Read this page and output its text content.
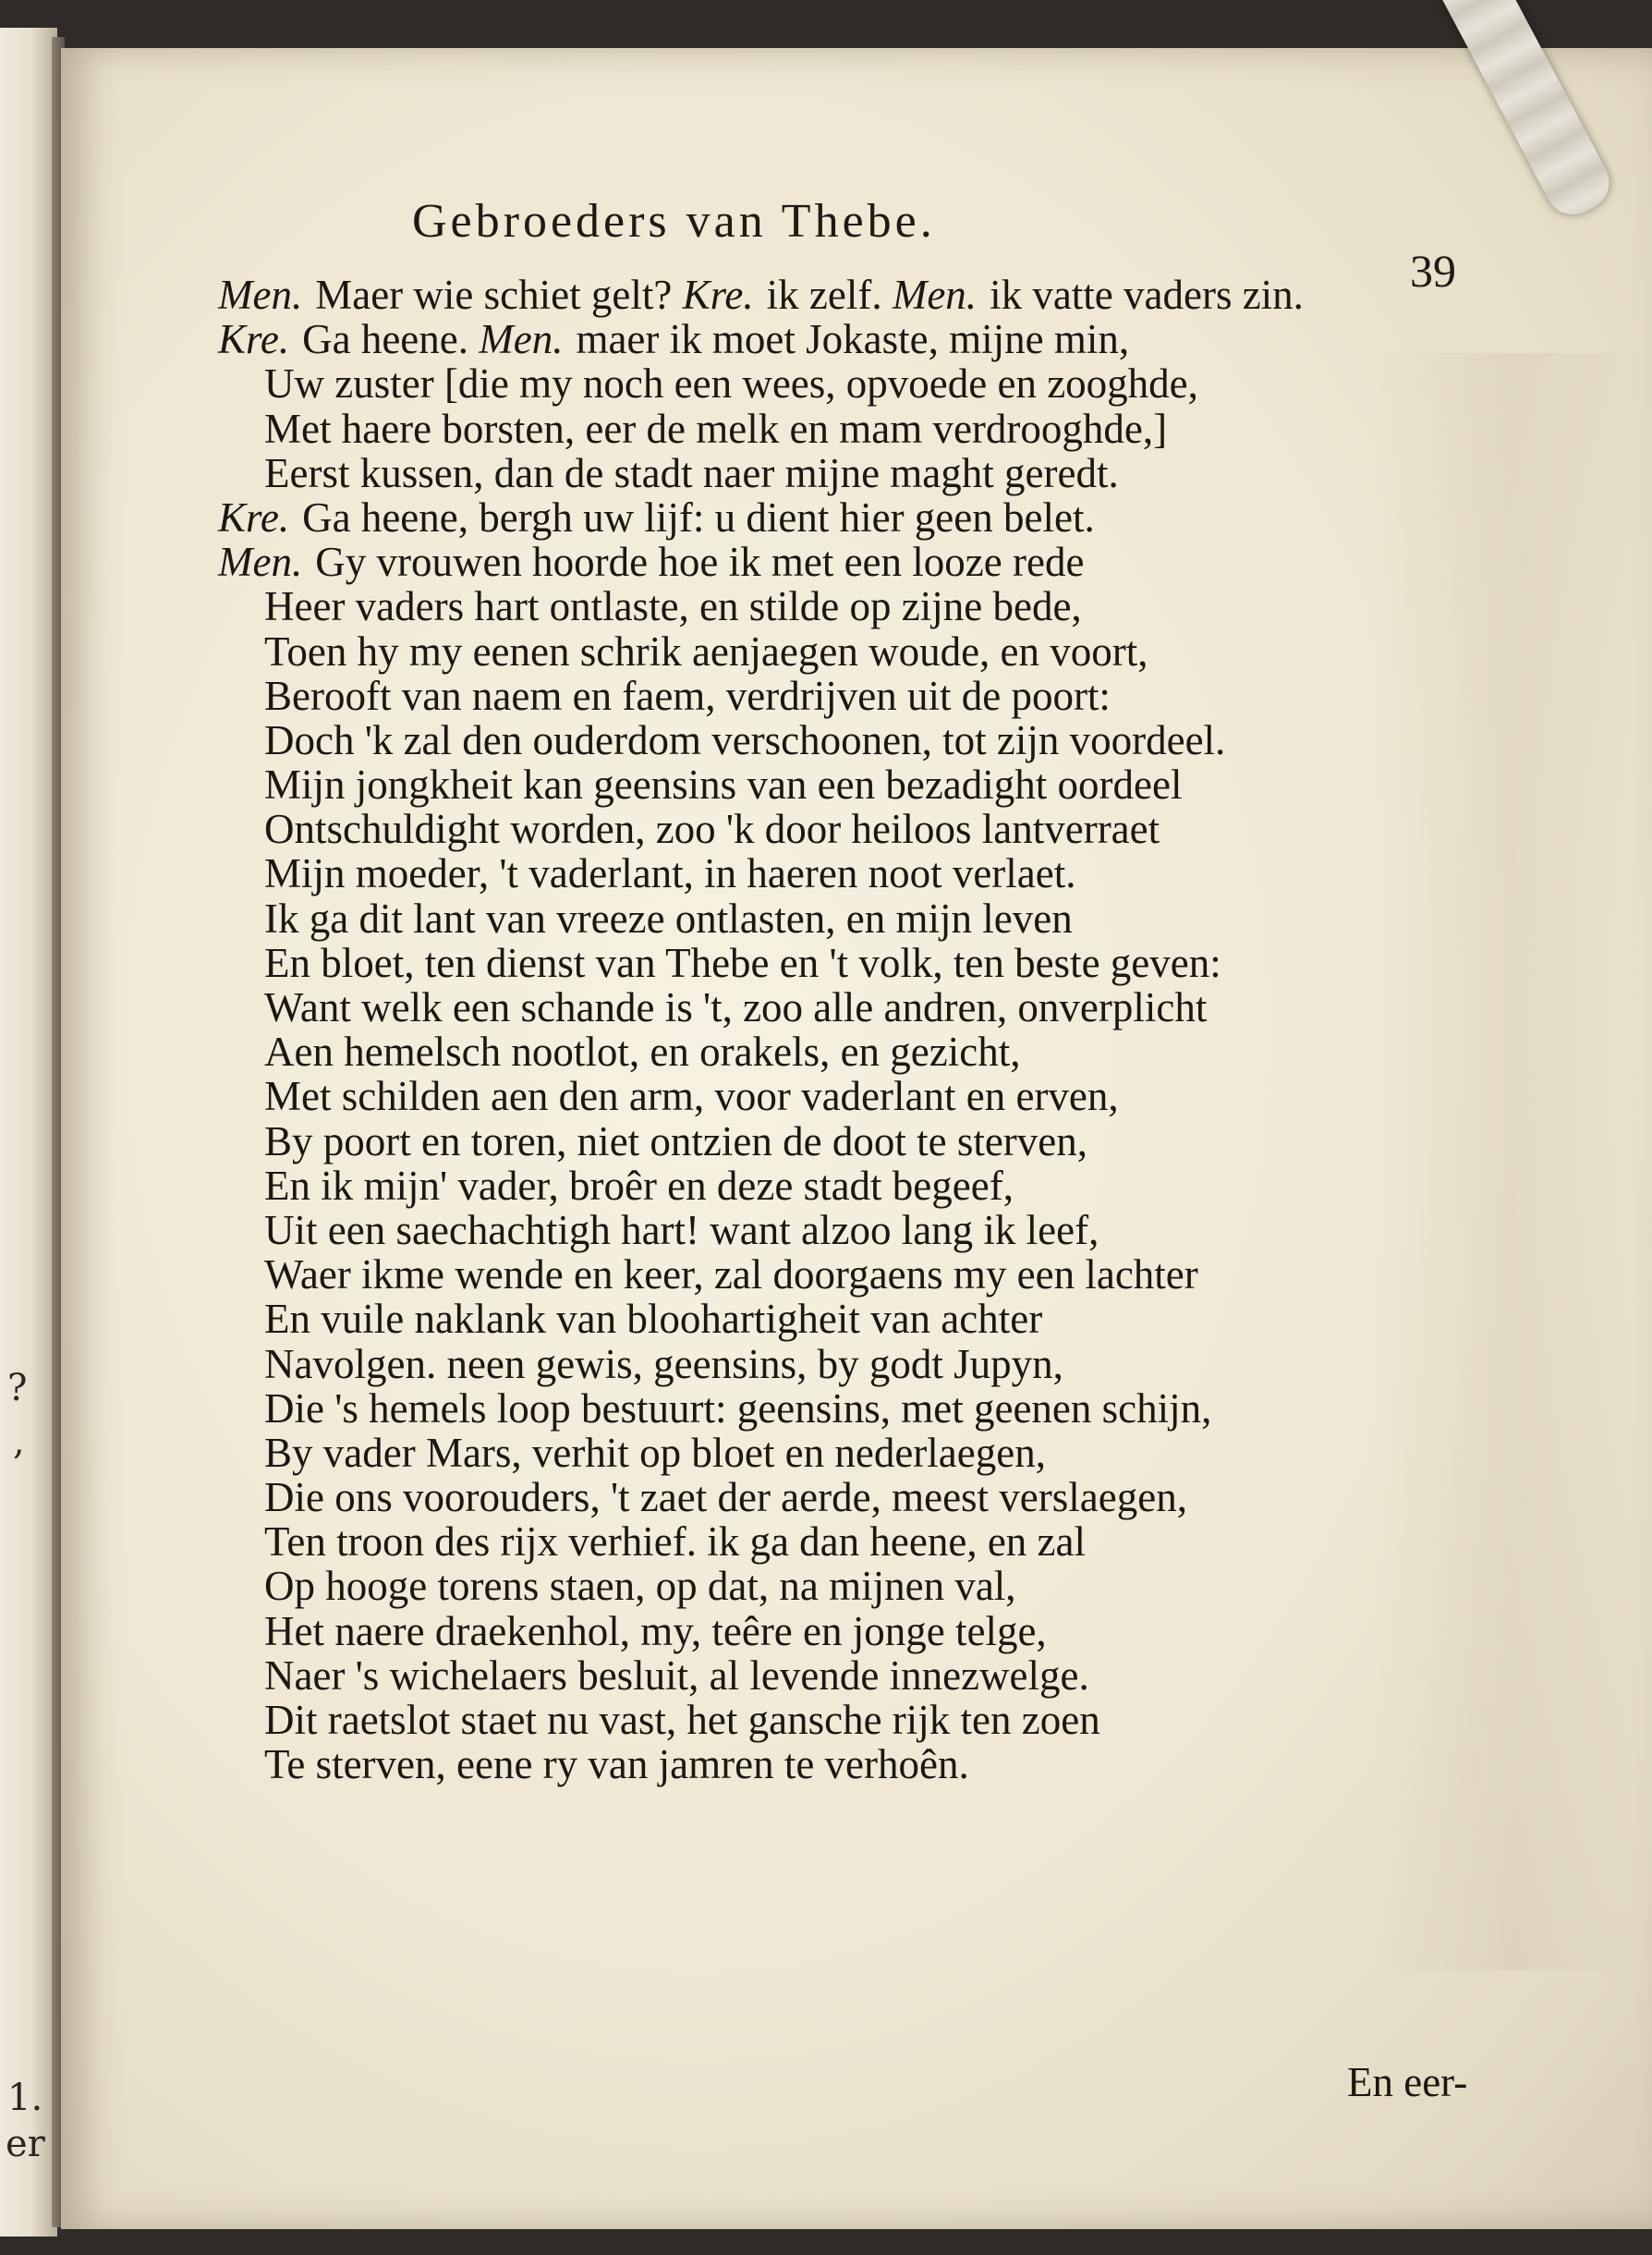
?
,
1.
er
Gebroeders van Thebe.
39
Men. Maer wie schiet gelt? Kre. ik zelf. Men. ik vatte vaders zin.
Kre. Ga heene. Men. maer ik moet Jokaste, mijne min,
Uw zuster [die my noch een wees, opvoede en zooghde,
Met haere borsten, eer de melk en mam verdrooghde,]
Eerst kussen, dan de stadt naer mijne maght geredt.
Kre. Ga heene, bergh uw lijf: u dient hier geen belet.
Men. Gy vrouwen hoorde hoe ik met een looze rede
Heer vaders hart ontlaste, en stilde op zijne bede,
Toen hy my eenen schrik aenjaegen woude, en voort,
Berooft van naem en faem, verdrijven uit de poort:
Doch 'k zal den ouderdom verschoonen, tot zijn voordeel.
Mijn jongkheit kan geensins van een bezadight oordeel
Ontschuldight worden, zoo 'k door heiloos lantverraet
Mijn moeder, 't vaderlant, in haeren noot verlaet.
Ik ga dit lant van vreeze ontlasten, en mijn leven
En bloet, ten dienst van Thebe en 't volk, ten beste geven:
Want welk een schande is 't, zoo alle andren, onverplicht
Aen hemelsch nootlot, en orakels, en gezicht,
Met schilden aen den arm, voor vaderlant en erven,
By poort en toren, niet ontzien de doot te sterven,
En ik mijn' vader, broêr en deze stadt begeef,
Uit een saechachtigh hart! want alzoo lang ik leef,
Waer ikme wende en keer, zal doorgaens my een lachter
En vuile naklank van bloohartigheit van achter
Navolgen. neen gewis, geensins, by godt Jupyn,
Die 's hemels loop bestuurt: geensins, met geenen schijn,
By vader Mars, verhit op bloet en nederlaegen,
Die ons voorouders, 't zaet der aerde, meest verslaegen,
Ten troon des rijx verhief. ik ga dan heene, en zal
Op hooge torens staen, op dat, na mijnen val,
Het naere draekenhol, my, teêre en jonge telge,
Naer 's wichelaers besluit, al levende innezwelge.
Dit raetslot staet nu vast, het gansche rijk ten zoen
Te sterven, eene ry van jamren te verhoên.
En eer-
